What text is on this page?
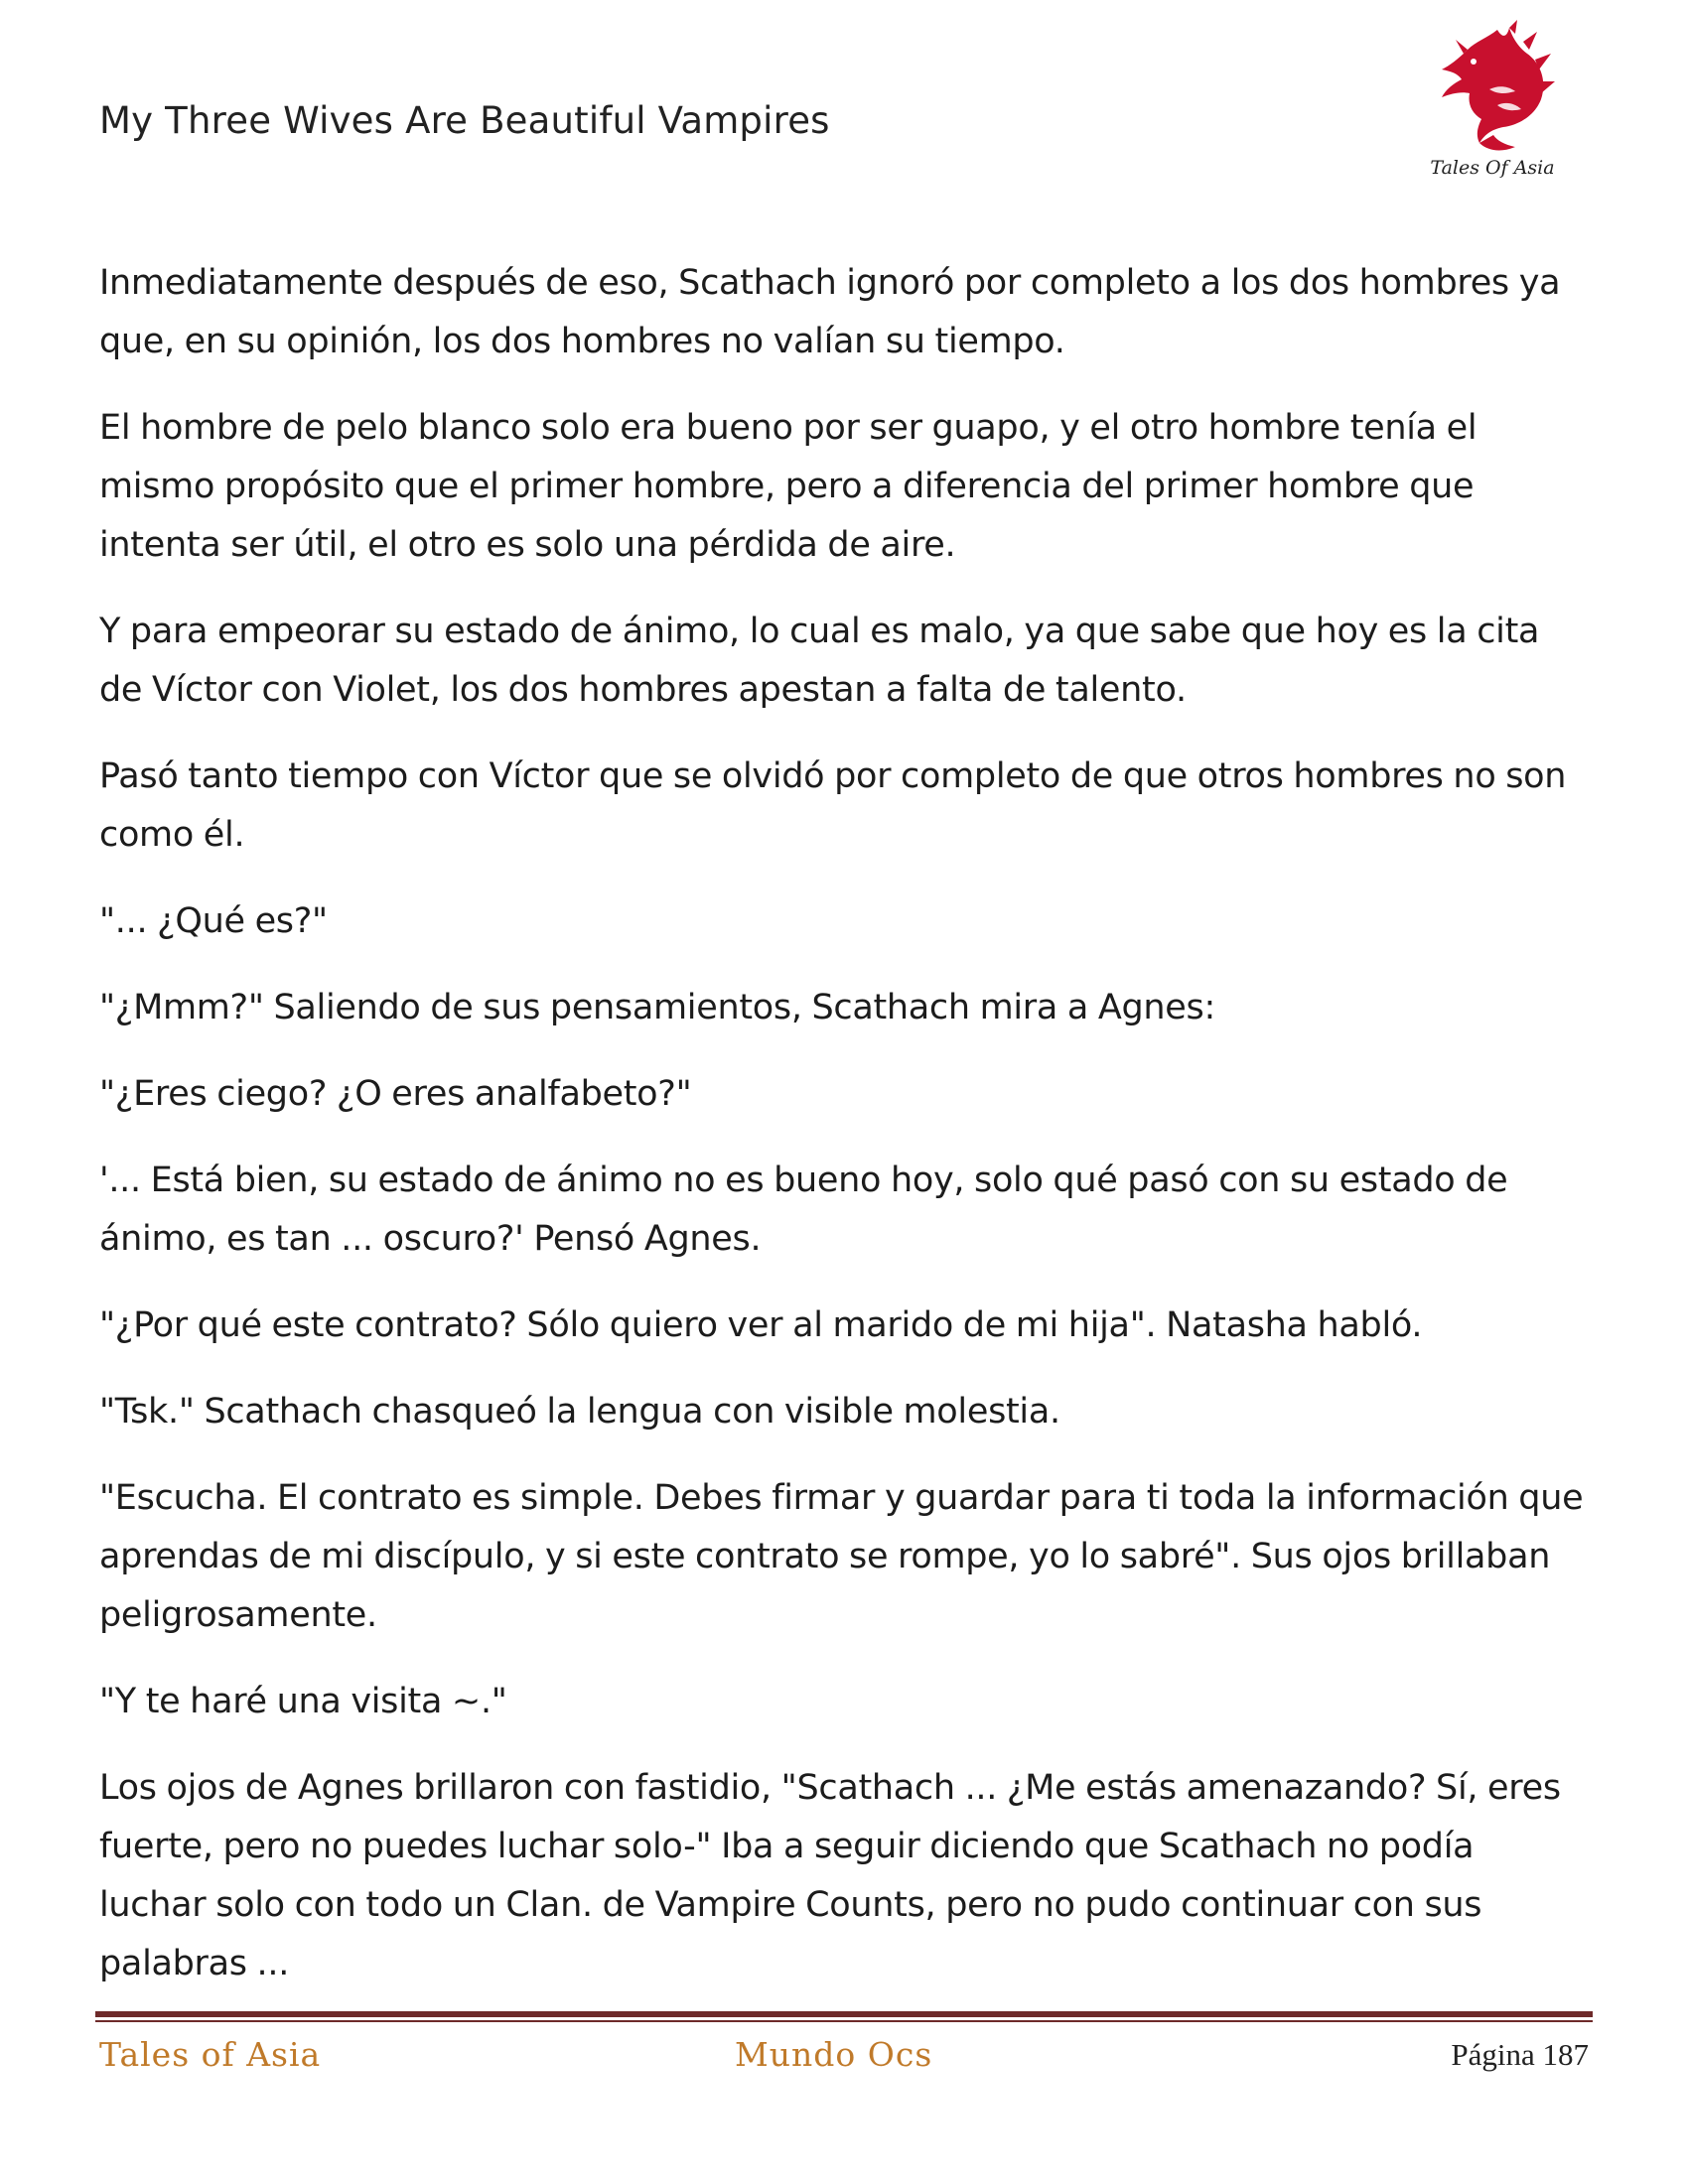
My Three Wives Are Beautiful Vampires
Tales Of Asia

Inmediatamente después de eso, Scathach ignoró por completo a los dos hombres ya que, en su opinión, los dos hombres no valían su tiempo.

El hombre de pelo blanco solo era bueno por ser guapo, y el otro hombre tenía el mismo propósito que el primer hombre, pero a diferencia del primer hombre que intenta ser útil, el otro es solo una pérdida de aire.

Y para empeorar su estado de ánimo, lo cual es malo, ya que sabe que hoy es la cita de Víctor con Violet, los dos hombres apestan a falta de talento.

Pasó tanto tiempo con Víctor que se olvidó por completo de que otros hombres no son como él.

"... ¿Qué es?"

"¿Mmm?" Saliendo de sus pensamientos, Scathach mira a Agnes:

"¿Eres ciego? ¿O eres analfabeto?"

'... Está bien, su estado de ánimo no es bueno hoy, solo qué pasó con su estado de ánimo, es tan ... oscuro?' Pensó Agnes.

"¿Por qué este contrato? Sólo quiero ver al marido de mi hija". Natasha habló.

"Tsk." Scathach chasqueó la lengua con visible molestia.

"Escucha. El contrato es simple. Debes firmar y guardar para ti toda la información que aprendas de mi discípulo, y si este contrato se rompe, yo lo sabré". Sus ojos brillaban peligrosamente.

"Y te haré una visita ~."

Los ojos de Agnes brillaron con fastidio, "Scathach ... ¿Me estás amenazando? Sí, eres fuerte, pero no puedes luchar solo-" Iba a seguir diciendo que Scathach no podía luchar solo con todo un Clan. de Vampire Counts, pero no pudo continuar con sus palabras ...

Tales of Asia	Mundo Ocs	Página 187
